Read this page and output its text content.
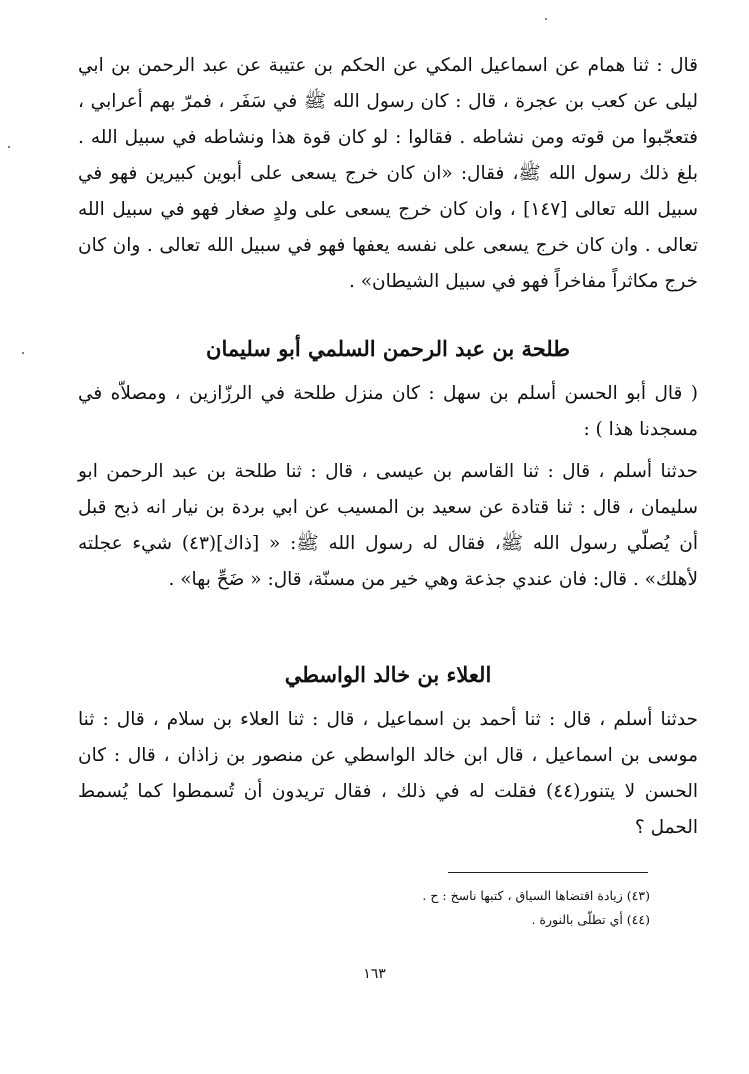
قال : ثنا همام عن اسماعيل المكي عن الحكم بن عتيبة عن عبد الرحمن بن ابي ليلى عن كعب بن عجرة ، قال : كان رسول الله ﷺ في سَفَر ، فمرّ بهم أعرابي ، فتعجّبوا من قوته ومن نشاطه . فقالوا : لو كان قوة هذا ونشاطه في سبيل الله . بلغ ذلك رسول الله ﷺ، فقال: «ان كان خرج يسعى على أبوين كبيرين فهو في سبيل الله تعالى [١٤٧] ، وان كان خرج يسعى على ولدٍ صغار فهو في سبيل الله تعالى . وان كان خرج يسعى على نفسه يعفها فهو في سبيل الله تعالى . وان كان خرج مكاثراً مفاخراً فهو في سبيل الشيطان» .

طلحة بن عبد الرحمن السلمي أبو سليمان

( قال أبو الحسن أسلم بن سهل : كان منزل طلحة في الرزّازين ، ومصلاّه في مسجدنا هذا ) :

حدثنا أسلم ، قال : ثنا القاسم بن عيسى ، قال : ثنا طلحة بن عبد الرحمن ابو سليمان ، قال : ثنا قتادة عن سعيد بن المسيب عن ابي بردة بن نيار انه ذبح قبل أن يُصلّي رسول الله ﷺ، فقال له رسول الله ﷺ: « [ذاك](٤٣) شيء عجلته لأهلك» . قال: فان عندي جذعة وهي خير من مسنّة، قال: « ضَحِّ بها» .

العلاء بن خالد الواسطي

حدثنا أسلم ، قال : ثنا أحمد بن اسماعيل ، قال : ثنا العلاء بن سلام ، قال : ثنا موسى بن اسماعيل ، قال ابن خالد الواسطي عن منصور بن زاذان ، قال : كان الحسن لا يتنور(٤٤) فقلت له في ذلك ، فقال تريدون أن تُسمطوا كما يُسمط الحمل ؟

(٤٣) زيادة اقتضاها السياق ، كتبها ناسخ : ح .

(٤٤) أي تطلّى بالنورة .

١٦٣
